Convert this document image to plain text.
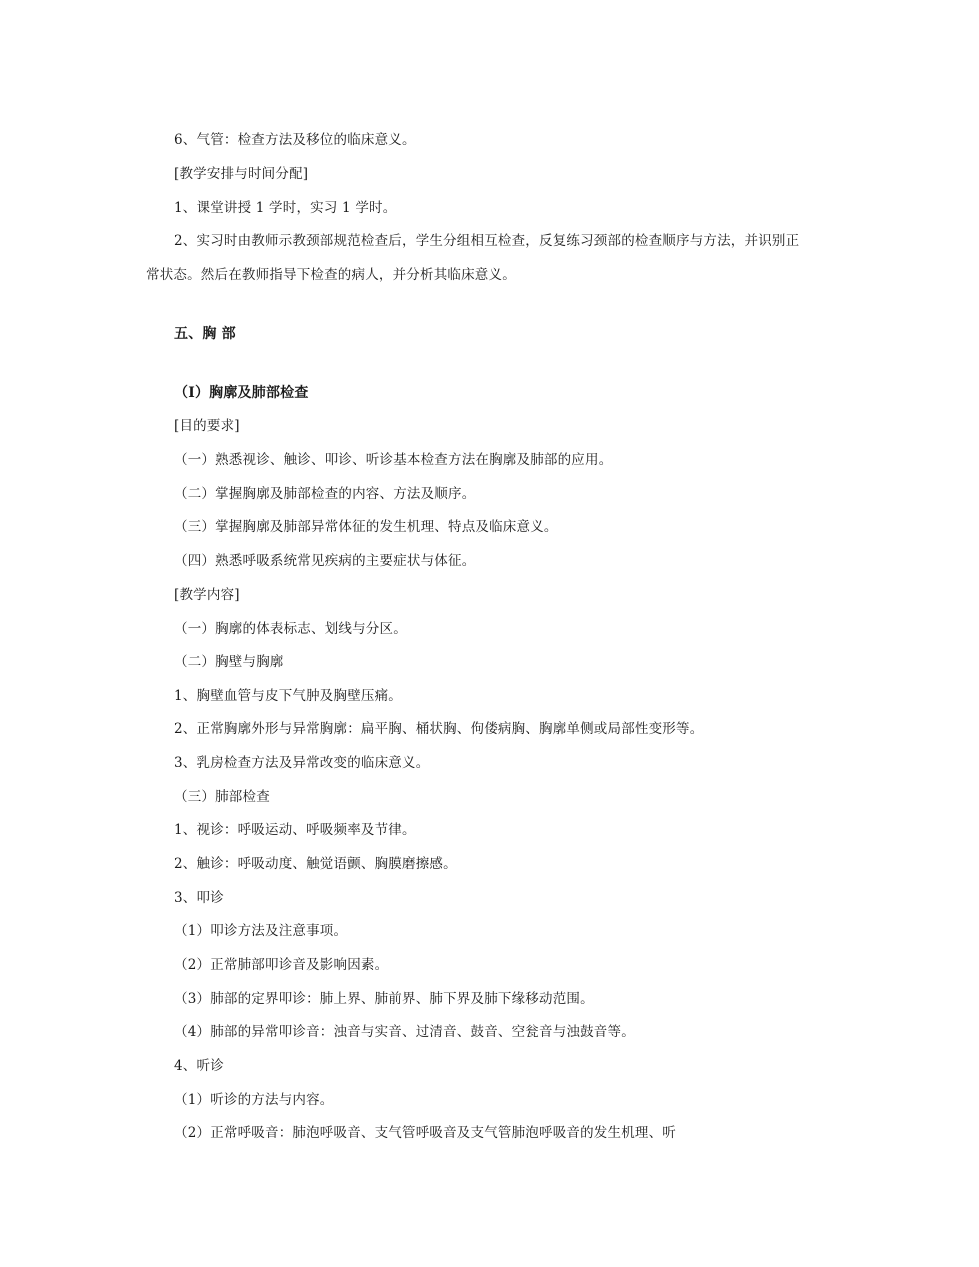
6、气管：检查方法及移位的临床意义。
[教学安排与时间分配]
1、课堂讲授 1 学时，实习 1 学时。
2、实习时由教师示教颈部规范检查后，学生分组相互检查，反复练习颈部的检查顺序与方法，并识别正
常状态。然后在教师指导下检查的病人，并分析其临床意义。
五、胸 部
（Ⅰ）胸廓及肺部检查
[目的要求]
（一）熟悉视诊、触诊、叩诊、听诊基本检查方法在胸廓及肺部的应用。
（二）掌握胸廓及肺部检查的内容、方法及顺序。
（三）掌握胸廓及肺部异常体征的发生机理、特点及临床意义。
（四）熟悉呼吸系统常见疾病的主要症状与体征。
[教学内容]
（一）胸廓的体表标志、划线与分区。
（二）胸壁与胸廓
1、胸壁血管与皮下气肿及胸壁压痛。
2、正常胸廓外形与异常胸廓：扁平胸、桶状胸、佝偻病胸、胸廓单侧或局部性变形等。
3、乳房检查方法及异常改变的临床意义。
（三）肺部检查
1、视诊：呼吸运动、呼吸频率及节律。
2、触诊：呼吸动度、触觉语颤、胸膜磨擦感。
3、叩诊
（1）叩诊方法及注意事项。
（2）正常肺部叩诊音及影响因素。
（3）肺部的定界叩诊：肺上界、肺前界、肺下界及肺下缘移动范围。
（4）肺部的异常叩诊音：浊音与实音、过清音、鼓音、空瓮音与浊鼓音等。
4、听诊
（1）听诊的方法与内容。
（2）正常呼吸音：肺泡呼吸音、支气管呼吸音及支气管肺泡呼吸音的发生机理、听
